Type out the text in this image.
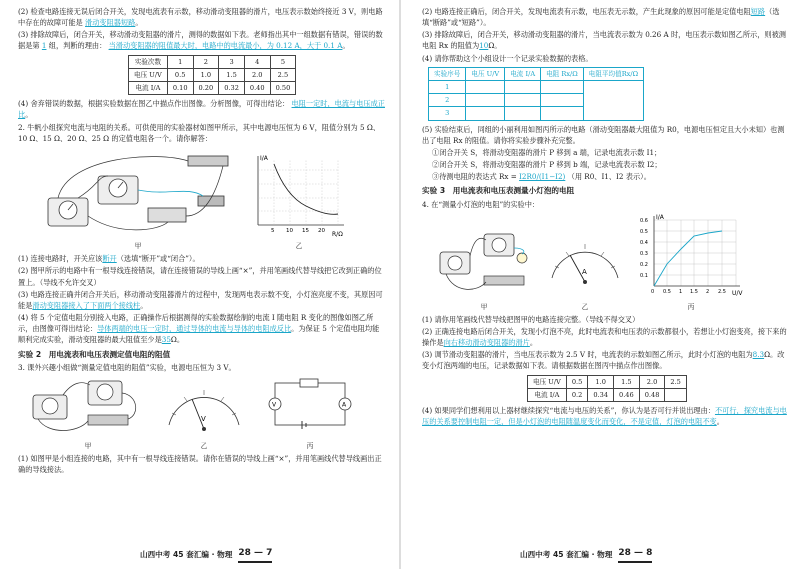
(2) 检查电路连接无误后闭合开关，发现电流表有示数，移动滑动变阻器的滑片，电压表示数始终接近 3 V，则电路中存在的故障可能是 滑动变阻器短路。

(3) 排除故障后，闭合开关，移动滑动变阻器的滑片，测得的数据如下表。老师指出其中一组数据有错误，错误的数据是第 1 组，判断的理由： 当滑动变阻器的阻值最大时，电路中的电流最小，为 0.12 A，大于 0.1 A。

实验次数	1	2	3	4	5
电压 U/V	0.5	1.0	1.5	2.0	2.5
电流 I/A	0.10	0.20	0.32	0.40	0.50

(4) 舍弃错误的数据，根据实验数据在图乙中描点作出图像。分析图像，可得出结论： 电阻一定时，电流与电压成正比。

2. 牛帆小组探究电流与电阻的关系。可供使用的实验器材如图甲所示，其中电源电压恒为 6 V，阻值分别为 5 Ω、10 Ω、15 Ω、20 Ω、25 Ω 的定值电阻各一个。请你解答：

甲
I/A
R/Ω
5 10 15 20
乙

(1) 连接电路时，开关应该断开（选填“断开”或“闭合”）。

(2) 图甲所示的电路中有一根导线连接错误，请在连接错误的导线上画“×”，并用笔画线代替导线把它改到正确的位置上。（导线不允许交叉）

(3) 电路连接正确并闭合开关后，移动滑动变阻器滑片的过程中，发现两电表示数不变，小灯泡亮度不变，其原因可能是滑动变阻器接入了下面两个接线柱。

(4) 将 5 个定值电阻分别接入电路，正确操作后根据测得的实验数据绘制的电流 I 随电阻 R 变化的图像如图乙所示，由图像可得出结论：导体两端的电压一定时，通过导体的电流与导体的电阻成反比。为保证 5 个定值电阻均能顺利完成实验，滑动变阻器的最大阻值至少是35Ω。

实验 2　用电流表和电压表测定值电阻的阻值

3. 课外兴趣小组做“测量定值电阻的阻值”实验，电源电压恒为 3 V。

甲
V
乙
V	A
丙

(1) 如图甲是小组连接的电路，其中有一根导线连接错误。请你在错误的导线上画“×”，并用笔画线代替导线画出正确的导线接法。

山西中考 45 套汇编 · 物理 28 — 7

(2) 电路连接正确后，闭合开关，发现电流表有示数，电压表无示数，产生此现象的原因可能是定值电阻短路（选填“断路”或“短路”）。

(3) 排除故障后，闭合开关，移动滑动变阻器的滑片，当电流表示数为 0.26 A 时，电压表示数如图乙所示，则被测电阻 Rx 的阻值为10Ω。

(4) 请你帮助这个小组设计一个记录实验数据的表格。

实验序号	电压 U/V	电流 I/A	电阻 Rx/Ω	电阻平均值Rx/Ω
1				
2				
3				

(5) 实验结束后，同组的小丽利用如图丙所示的电路（滑动变阻器最大阻值为 R0，电源电压恒定且大小未知）也测出了电阻 Rx 的阻值。请你将实验步骤补充完整。

①闭合开关 S，将滑动变阻器的滑片 P 移到 a 端，记录电流表示数 I1；

②闭合开关 S，将滑动变阻器的滑片 P 移到 b 端，记录电流表示数 I2；

③待测电阻的表达式 Rx = I2R0/(I1−I2) （用 R0、I1、I2 表示）。

实验 3　用电流表和电压表测量小灯泡的电阻

4. 在“测量小灯泡的电阻”的实验中：

甲
A
乙
I/A
U/V
0.6
0.5
0.4
0.3
0.2
0.1
0 0.5 1 1.5 2 2.5
丙

(1) 请你用笔画线代替导线把图甲的电路连接完整。（导线不得交叉）

(2) 正确连接电路后闭合开关，发现小灯泡不亮，此时电流表和电压表的示数都很小，若想让小灯泡变亮，接下来的操作是向右移动滑动变阻器的滑片。

(3) 调节滑动变阻器的滑片，当电压表示数为 2.5 V 时，电流表的示数如图乙所示，此时小灯泡的电阻为8.3Ω。改变小灯泡两端的电压，记录数据如下表。请根据数据在图丙中描点作出图像。

电压 U/V	0.5	1.0	1.5	2.0	2.5
电流 I/A	0.2	0.34	0.46	0.48	

(4) 如果同学们想利用以上器材继续探究“电流与电压的关系”，你认为是否可行并说出理由：不可行，探究电流与电压的关系要控制电阻一定，但是小灯泡的电阻随温度变化而变化，不是定值，灯泡的电阻不变。

山西中考 45 套汇编 · 物理 28 — 8
